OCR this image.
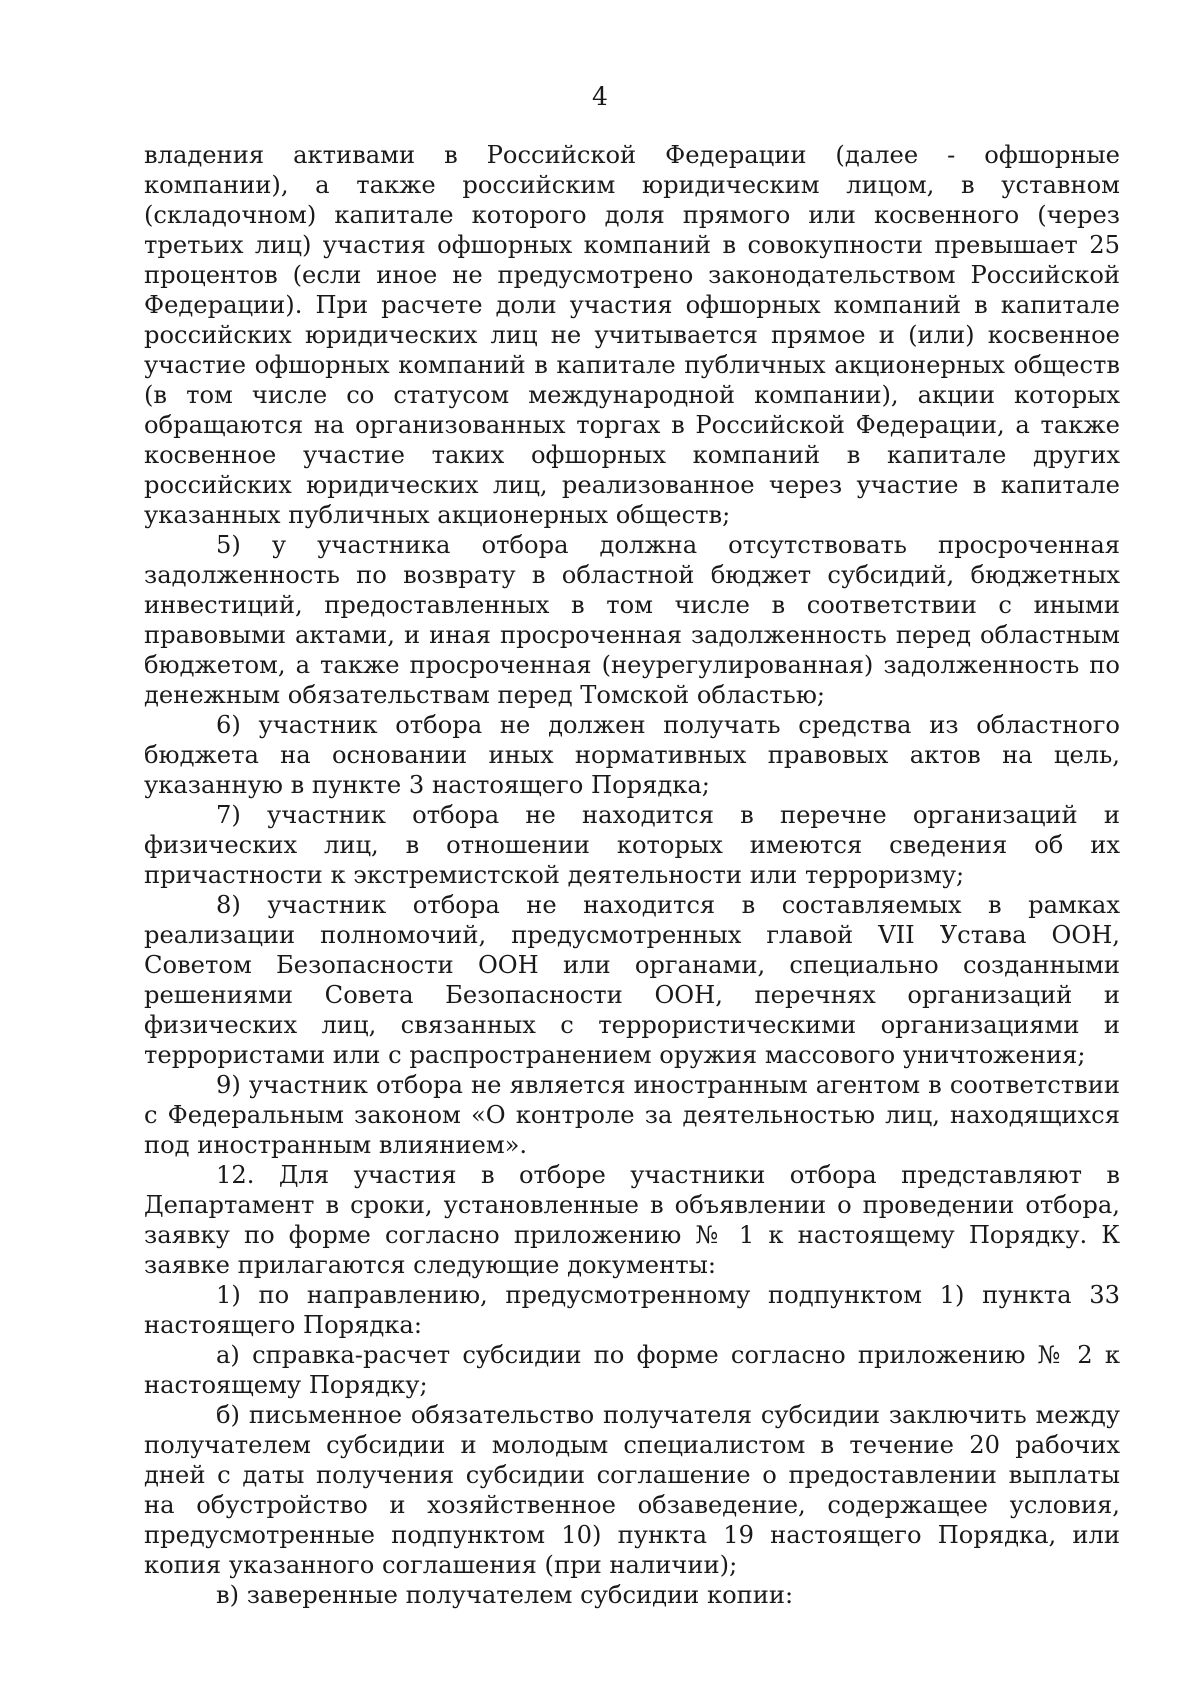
4

владения активами в Российской Федерации (далее - офшорные компании), а также российским юридическим лицом, в уставном (складочном) капитале которого доля прямого или косвенного (через третьих лиц) участия офшорных компаний в совокупности превышает 25 процентов (если иное не предусмотрено законодательством Российской Федерации). При расчете доли участия офшорных компаний в капитале российских юридических лиц не учитывается прямое и (или) косвенное участие офшорных компаний в капитале публичных акционерных обществ (в том числе со статусом международной компании), акции которых обращаются на организованных торгах в Российской Федерации, а также косвенное участие таких офшорных компаний в капитале других российских юридических лиц, реализованное через участие в капитале указанных публичных акционерных обществ;

5) у участника отбора должна отсутствовать просроченная задолженность по возврату в областной бюджет субсидий, бюджетных инвестиций, предоставленных в том числе в соответствии с иными правовыми актами, и иная просроченная задолженность перед областным бюджетом, а также просроченная (неурегулированная) задолженность по денежным обязательствам перед Томской областью;

6) участник отбора не должен получать средства из областного бюджета на основании иных нормативных правовых актов на цель, указанную в пункте 3 настоящего Порядка;

7) участник отбора не находится в перечне организаций и физических лиц, в отношении которых имеются сведения об их причастности к экстремистской деятельности или терроризму;

8) участник отбора не находится в составляемых в рамках реализации полномочий, предусмотренных главой VII Устава ООН, Советом Безопасности ООН или органами, специально созданными решениями Совета Безопасности ООН, перечнях организаций и физических лиц, связанных с террористическими организациями и террористами или с распространением оружия массового уничтожения;

9) участник отбора не является иностранным агентом в соответствии с Федеральным законом «О контроле за деятельностью лиц, находящихся под иностранным влиянием».

12. Для участия в отборе участники отбора представляют в Департамент в сроки, установленные в объявлении о проведении отбора, заявку по форме согласно приложению № 1 к настоящему Порядку. К заявке прилагаются следующие документы:

1) по направлению, предусмотренному подпунктом 1) пункта 33 настоящего Порядка:

а) справка-расчет субсидии по форме согласно приложению № 2 к настоящему Порядку;

б) письменное обязательство получателя субсидии заключить между получателем субсидии и молодым специалистом в течение 20 рабочих дней с даты получения субсидии соглашение о предоставлении выплаты на обустройство и хозяйственное обзаведение, содержащее условия, предусмотренные подпунктом 10) пункта 19 настоящего Порядка, или копия указанного соглашения (при наличии);

в) заверенные получателем субсидии копии:
